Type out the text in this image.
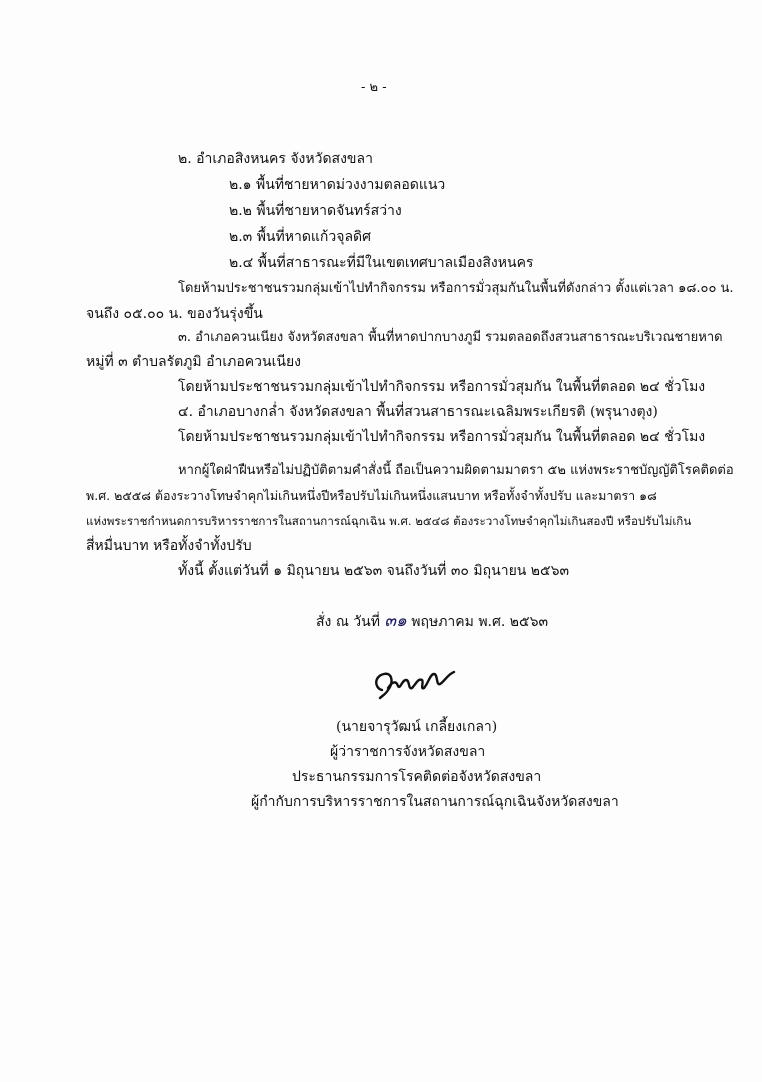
- ๒ -
๒. อำเภอสิงหนคร จังหวัดสงขลา
๒.๑ พื้นที่ชายหาดม่วงงามตลอดแนว
๒.๒ พื้นที่ชายหาดจันทร์สว่าง
๒.๓ พื้นที่หาดแก้วจุลดิศ
๒.๔ พื้นที่สาธารณะที่มีในเขตเทศบาลเมืองสิงหนคร
โดยห้ามประชาชนรวมกลุ่มเข้าไปทำกิจกรรม หรือการมั่วสุมกันในพื้นที่ดังกล่าว ตั้งแต่เวลา ๑๘.๐๐ น.
จนถึง ๐๕.๐๐ น. ของวันรุ่งขึ้น
๓. อำเภอควนเนียง จังหวัดสงขลา พื้นที่หาดปากบางภูมี รวมตลอดถึงสวนสาธารณะบริเวณชายหาด
หมู่ที่ ๓ ตำบลรัตภูมิ อำเภอควนเนียง
โดยห้ามประชาชนรวมกลุ่มเข้าไปทำกิจกรรม หรือการมั่วสุมกัน ในพื้นที่ตลอด ๒๔ ชั่วโมง
๔. อำเภอบางกล่ำ จังหวัดสงขลา พื้นที่สวนสาธารณะเฉลิมพระเกียรติ (พรุนางตุง)
โดยห้ามประชาชนรวมกลุ่มเข้าไปทำกิจกรรม หรือการมั่วสุมกัน ในพื้นที่ตลอด ๒๔ ชั่วโมง
หากผู้ใดฝ่าฝืนหรือไม่ปฏิบัติตามคำสั่งนี้ ถือเป็นความผิดตามมาตรา ๕๒ แห่งพระราชบัญญัติโรคติดต่อ
พ.ศ. ๒๕๕๘ ต้องระวางโทษจำคุกไม่เกินหนึ่งปีหรือปรับไม่เกินหนึ่งแสนบาท หรือทั้งจำทั้งปรับ และมาตรา ๑๘
แห่งพระราชกำหนดการบริหารราชการในสถานการณ์ฉุกเฉิน พ.ศ. ๒๕๔๘ ต้องระวางโทษจำคุกไม่เกินสองปี หรือปรับไม่เกิน
สี่หมื่นบาท หรือทั้งจำทั้งปรับ
ทั้งนี้ ตั้งแต่วันที่ ๑ มิถุนายน ๒๕๖๓ จนถึงวันที่ ๓๐ มิถุนายน ๒๕๖๓
สั่ง ณ วันที่ ๓๑ พฤษภาคม พ.ศ. ๒๕๖๓
(นายจารุวัฒน์ เกลี้ยงเกลา)
ผู้ว่าราชการจังหวัดสงขลา
ประธานกรรมการโรคติดต่อจังหวัดสงขลา
ผู้กำกับการบริหารราชการในสถานการณ์ฉุกเฉินจังหวัดสงขลา
